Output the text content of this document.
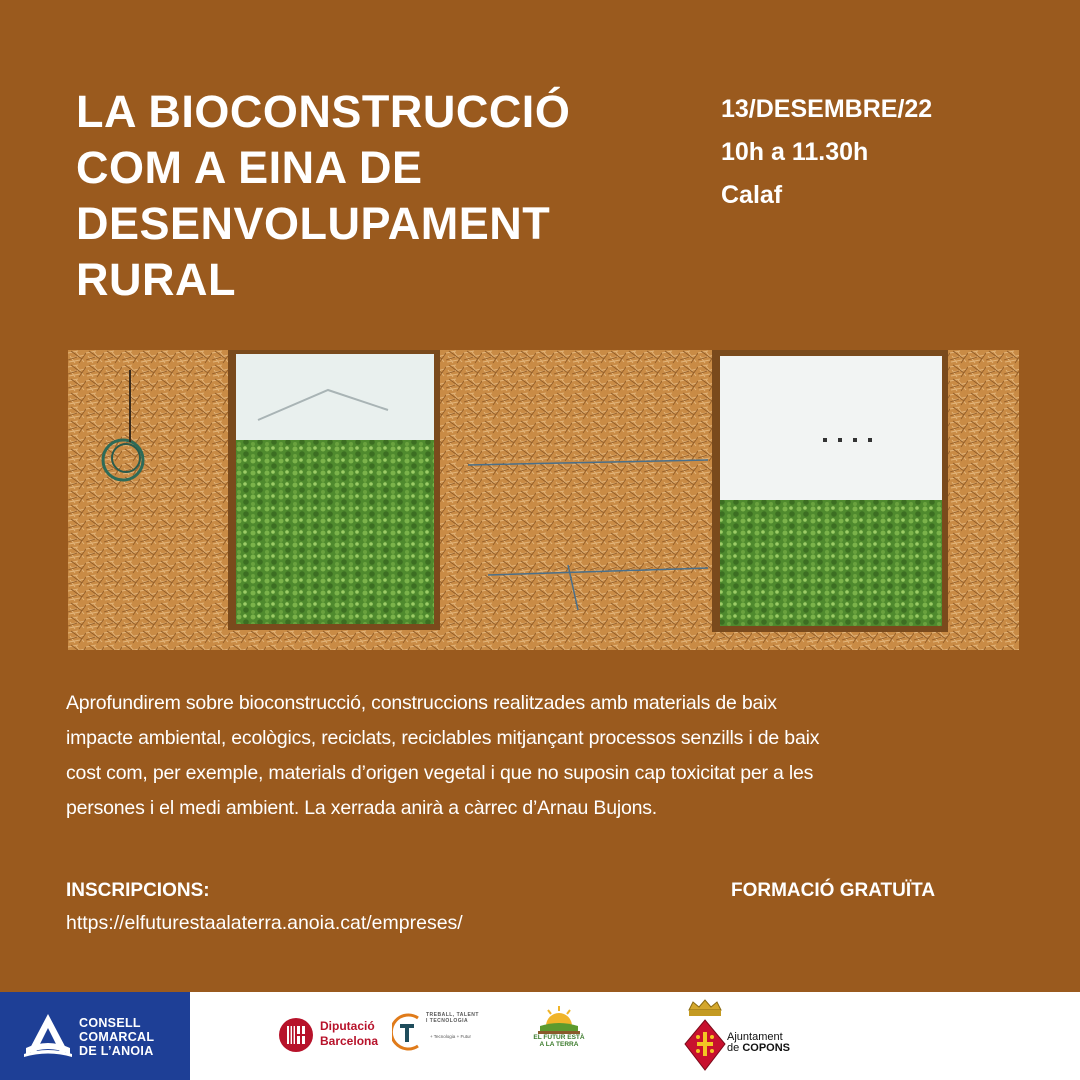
LA BIOCONSTRUCCIÓ
COM A EINA DE
DESENVOLUPAMENT
RURAL
13/DESEMBRE/22
10h a 11.30h
Calaf
Aprofundirem sobre bioconstrucció, construccions realitzades amb materials de baix
impacte ambiental, ecològics, reciclats, reciclables mitjançant processos senzills i de baix
cost com, per exemple, materials d’origen vegetal i que no suposin cap toxicitat per a les
persones i el medi ambient. La xerrada anirà a càrrec d’Arnau Bujons.
INSCRIPCIONS:
https://elfuturestaalaterra.anoia.cat/empreses/
FORMACIÓ GRATUÏTA
CONSELL
COMARCAL
DE L’ANOIA
Diputació
Barcelona
TREBALL, TALENT
I TECNOLOGIA
+ Tecnologia + Futur	EL FUTUR ESTÀ
A LA TERRA
Ajuntament
de COPONS
